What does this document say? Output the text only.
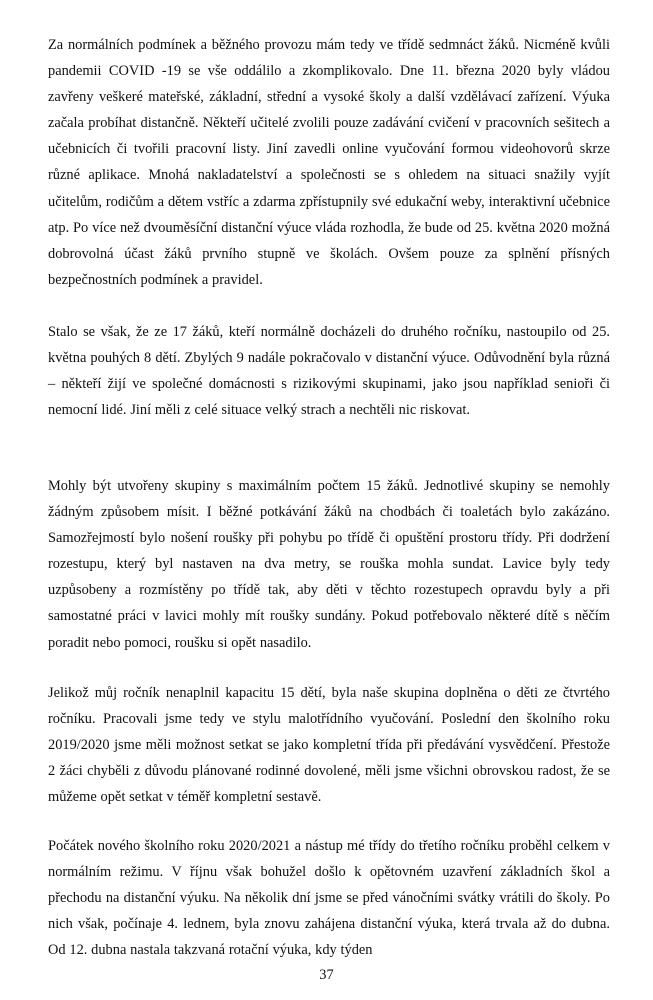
Za normálních podmínek a běžného provozu mám tedy ve třídě sedmnáct žáků. Nicméně kvůli pandemii COVID -19 se vše oddálilo a zkomplikovalo. Dne 11. března 2020 byly vládou zavřeny veškeré mateřské, základní, střední a vysoké školy a další vzdělávací zařízení. Výuka začala probíhat distančně. Někteří učitelé zvolili pouze zadávání cvičení v pracovních sešitech a učebnicích či tvořili pracovní listy. Jiní zavedli online vyučování formou videohovorů skrze různé aplikace. Mnohá nakladatelství a společnosti se s ohledem na situaci snažily vyjít učitelům, rodičům a dětem vstříc a zdarma zpřístupnily své edukační weby, interaktivní učebnice atp. Po více než dvouměsíční distanční výuce vláda rozhodla, že bude od 25. května 2020 možná dobrovolná účast žáků prvního stupně ve školách. Ovšem pouze za splnění přísných bezpečnostních podmínek a pravidel.

Stalo se však, že ze 17 žáků, kteří normálně docházeli do druhého ročníku, nastoupilo od 25. května pouhých 8 dětí. Zbylých 9 nadále pokračovalo v distanční výuce. Odůvodnění byla různá – někteří žijí ve společné domácnosti s rizikovými skupinami, jako jsou například senioři či nemocní lidé. Jiní měli z celé situace velký strach a nechtěli nic riskovat.

Mohly být utvořeny skupiny s maximálním počtem 15 žáků. Jednotlivé skupiny se nemohly žádným způsobem mísit. I běžné potkávání žáků na chodbách či toaletách bylo zakázáno. Samozřejmostí bylo nošení roušky při pohybu po třídě či opuštění prostoru třídy. Při dodržení rozestupu, který byl nastaven na dva metry, se rouška mohla sundat. Lavice byly tedy uzpůsobeny a rozmístěny po třídě tak, aby děti v těchto rozestupech opravdu byly a při samostatné práci v lavici mohly mít roušky sundány. Pokud potřebovalo některé dítě s něčím poradit nebo pomoci, roušku si opět nasadilo.

Jelikož můj ročník nenaplnil kapacitu 15 dětí, byla naše skupina doplněna o děti ze čtvrtého ročníku. Pracovali jsme tedy ve stylu malotřídního vyučování. Poslední den školního roku 2019/2020 jsme měli možnost setkat se jako kompletní třída při předávání vysvědčení. Přestože 2 žáci chyběli z důvodu plánované rodinné dovolené, měli jsme všichni obrovskou radost, že se můžeme opět setkat v téměř kompletní sestavě.

Počátek nového školního roku 2020/2021 a nástup mé třídy do třetího ročníku proběhl celkem v normálním režimu. V říjnu však bohužel došlo k opětovném uzavření základních škol a přechodu na distanční výuku. Na několik dní jsme se před vánočními svátky vrátili do školy. Po nich však, počínaje 4. lednem, byla znovu zahájena distanční výuka, která trvala až do dubna. Od 12. dubna nastala takzvaná rotační výuka, kdy týden

37
